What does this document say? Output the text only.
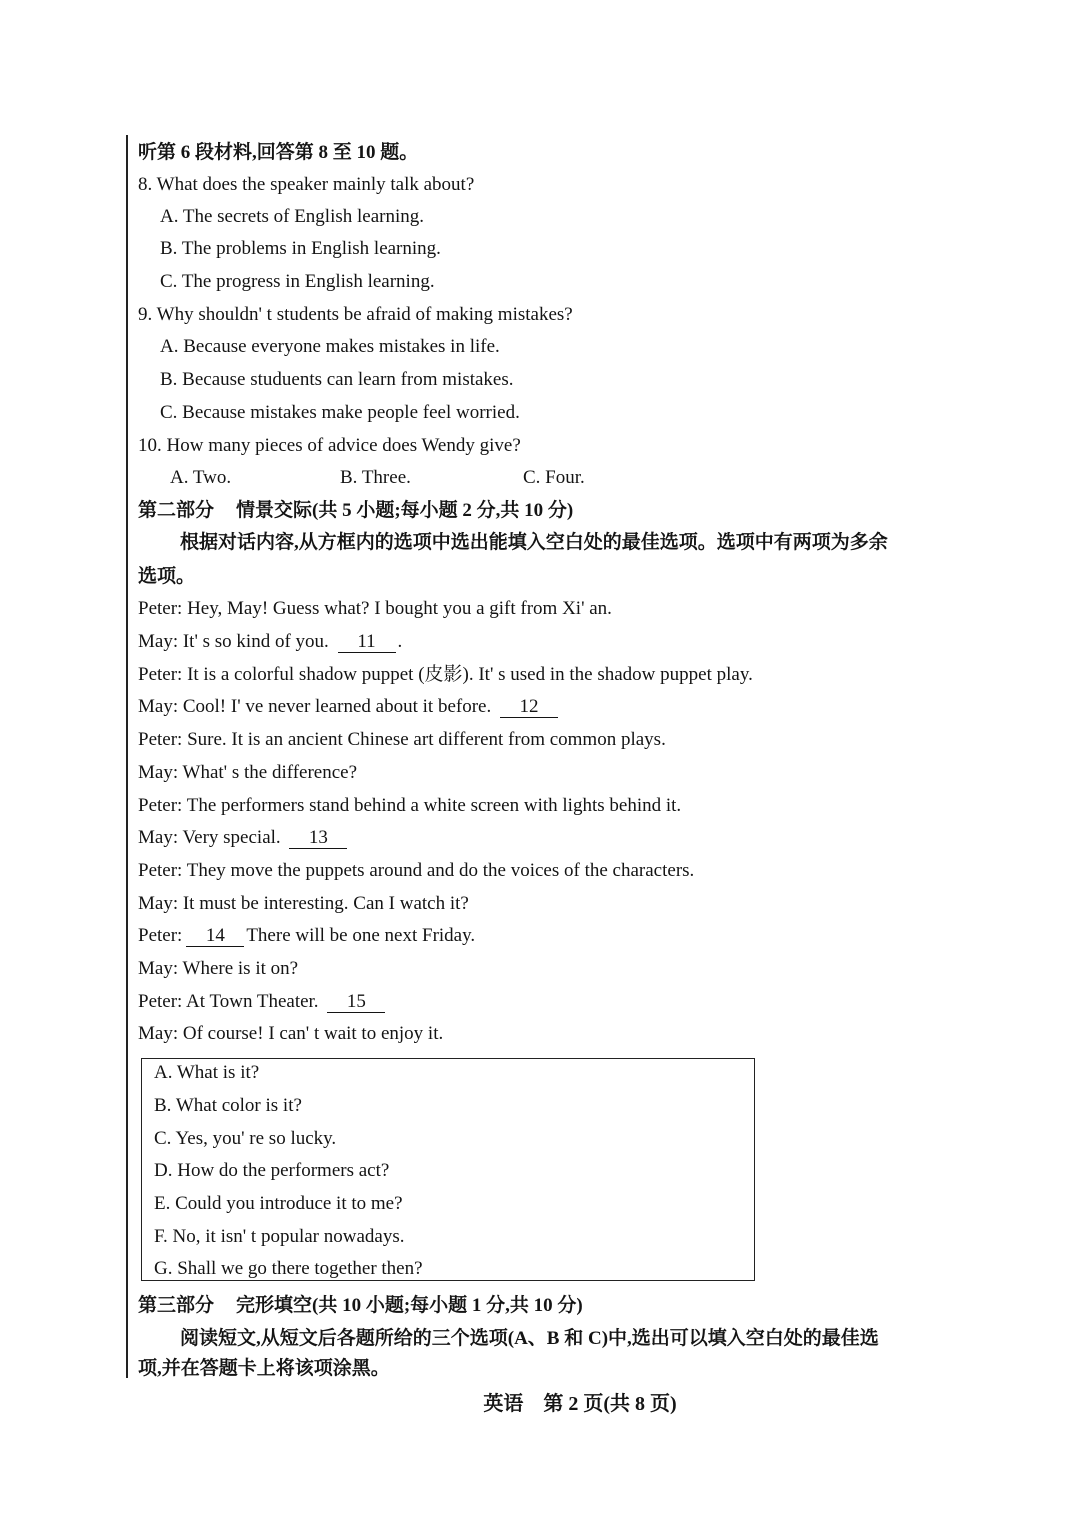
听第 6 段材料,回答第 8 至 10 题。
8. What does the speaker mainly talk about?
A. The secrets of English learning.
B. The problems in English learning.
C. The progress in English learning.
9. Why shouldn' t students be afraid of making mistakes?
A. Because everyone makes mistakes in life.
B. Because studuents can learn from mistakes.
C. Because mistakes make people feel worried.
10. How many pieces of advice does Wendy give?
A. Two.	B. Three.	C. Four.
第二部分 情景交际(共 5 小题;每小题 2 分,共 10 分)
根据对话内容,从方框内的选项中选出能填入空白处的最佳选项。选项中有两项为多余
选项。
Peter: Hey, May! Guess what? I bought you a gift from Xi' an.
May: It' s so kind of you. 11 .
Peter: It is a colorful shadow puppet (皮影). It' s used in the shadow puppet play.
May: Cool! I' ve never learned about it before. 12
Peter: Sure. It is an ancient Chinese art different from common plays.
May: What' s the difference?
Peter: The performers stand behind a white screen with lights behind it.
May: Very special. 13
Peter: They move the puppets around and do the voices of the characters.
May: It must be interesting. Can I watch it?
Peter: 14 There will be one next Friday.
May: Where is it on?
Peter: At Town Theater. 15
May: Of course! I can' t wait to enjoy it.
A. What is it?
B. What color is it?
C. Yes, you' re so lucky.
D. How do the performers act?
E. Could you introduce it to me?
F. No, it isn' t popular nowadays.
G. Shall we go there together then?
第三部分 完形填空(共 10 小题;每小题 1 分,共 10 分)
阅读短文,从短文后各题所给的三个选项(A、B 和 C)中,选出可以填入空白处的最佳选
项,并在答题卡上将该项涂黑。
英语　第 2 页(共 8 页)
